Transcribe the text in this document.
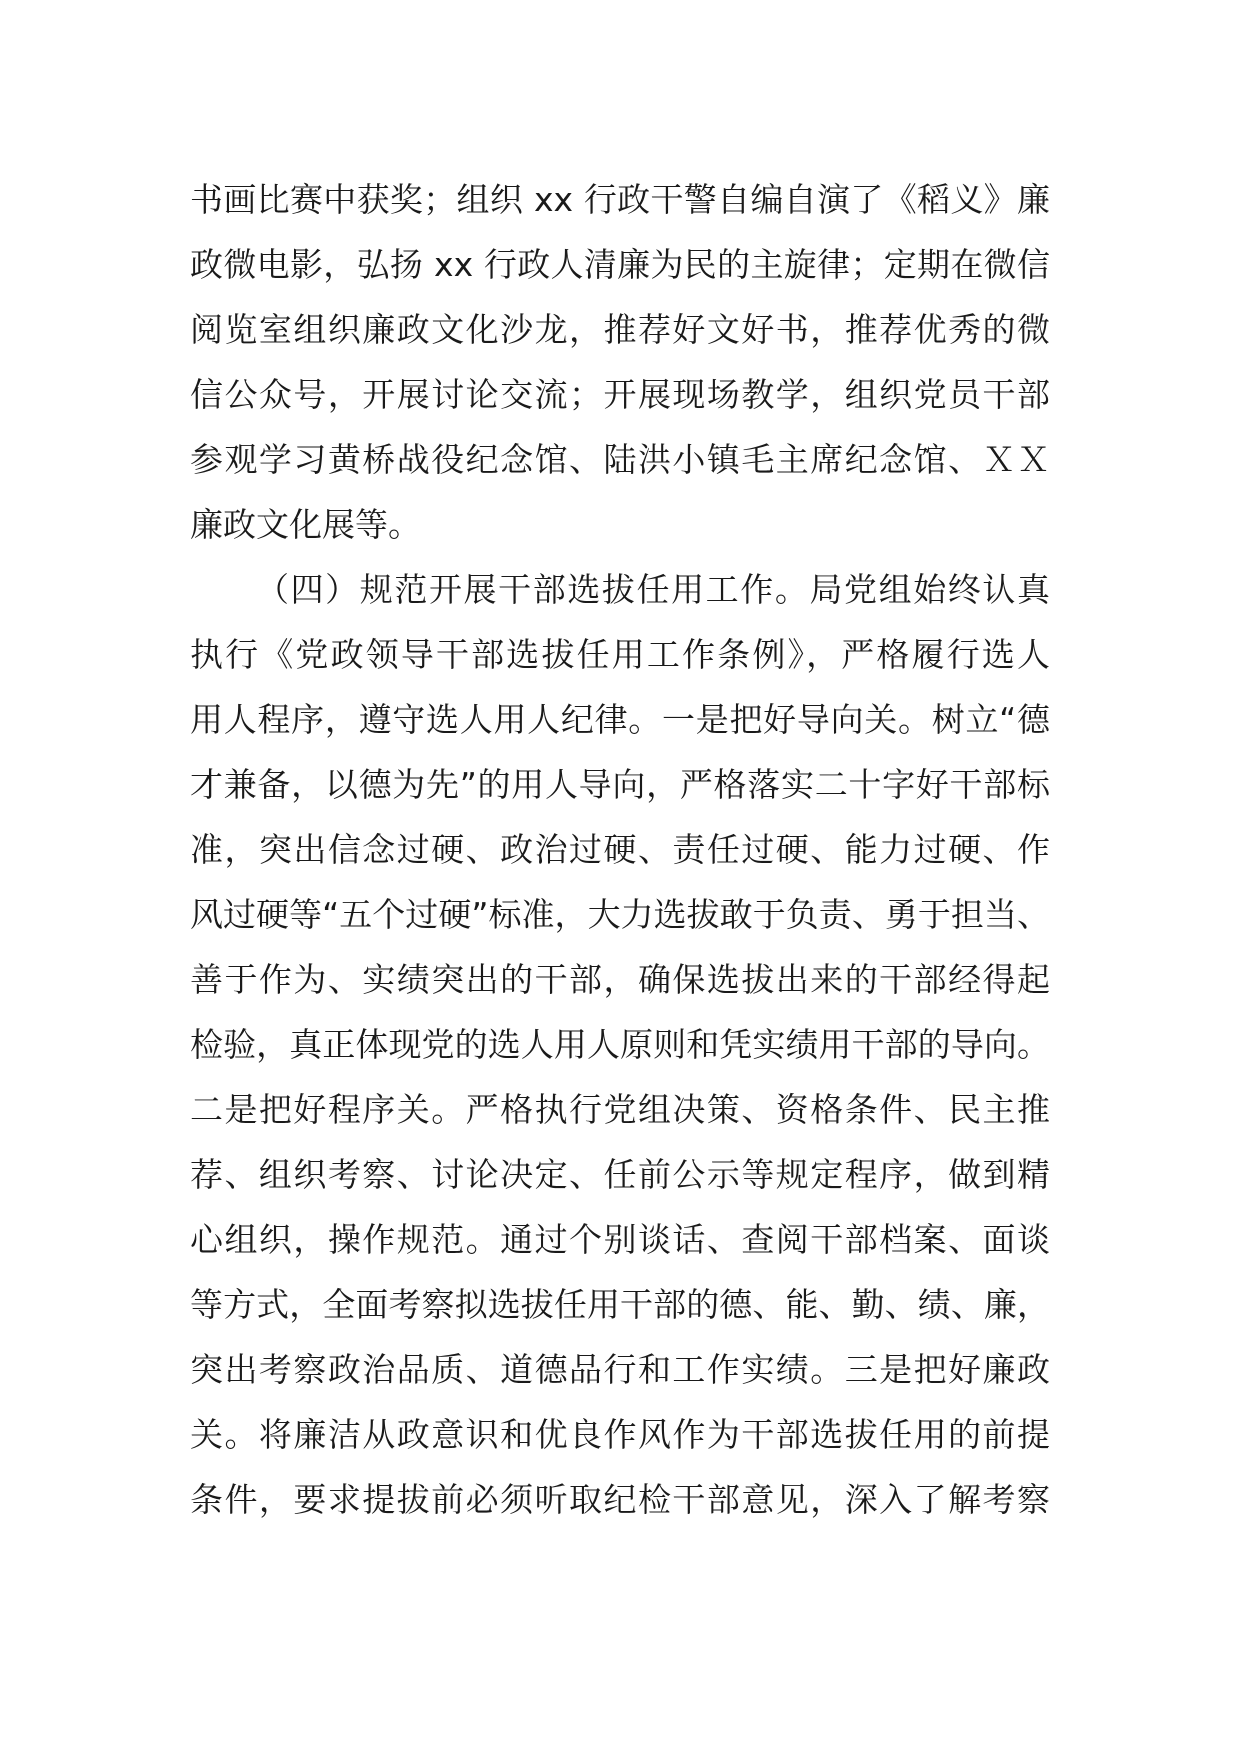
书画比赛中获奖；组织 xx 行政干警自编自演了《稻义》廉
政微电影，弘扬 xx 行政人清廉为民的主旋律；定期在微信
阅览室组织廉政文化沙龙，推荐好文好书，推荐优秀的微
信公众号，开展讨论交流；开展现场教学，组织党员干部
参观学习黄桥战役纪念馆、陆洪小镇毛主席纪念馆、ＸＸ
廉政文化展等。
（四）规范开展干部选拔任用工作。局党组始终认真
执行《党政领导干部选拔任用工作条例》，严格履行选人
用人程序，遵守选人用人纪律。一是把好导向关。树立“德
才兼备，以德为先”的用人导向，严格落实二十字好干部标
准，突出信念过硬、政治过硬、责任过硬、能力过硬、作
风过硬等“五个过硬”标准，大力选拔敢于负责、勇于担当、
善于作为、实绩突出的干部，确保选拔出来的干部经得起
检验，真正体现党的选人用人原则和凭实绩用干部的导向。
二是把好程序关。严格执行党组决策、资格条件、民主推
荐、组织考察、讨论决定、任前公示等规定程序，做到精
心组织，操作规范。通过个别谈话、查阅干部档案、面谈
等方式，全面考察拟选拔任用干部的德、能、勤、绩、廉，
突出考察政治品质、道德品行和工作实绩。三是把好廉政
关。将廉洁从政意识和优良作风作为干部选拔任用的前提
条件，要求提拔前必须听取纪检干部意见，深入了解考察
